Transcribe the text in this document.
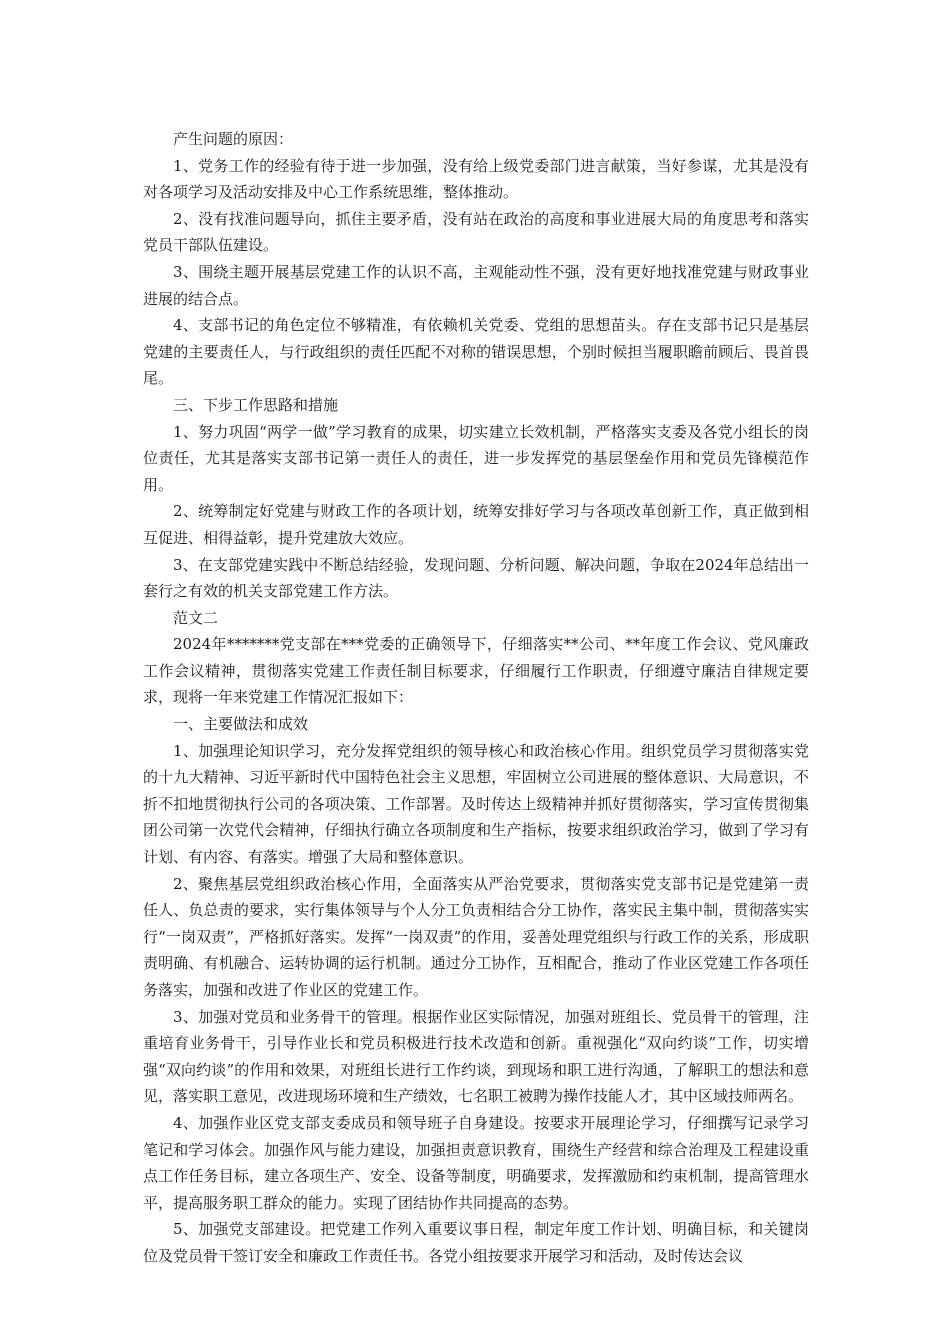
产生问题的原因：

1、党务工作的经验有待于进一步加强，没有给上级党委部门进言献策，当好参谋，尤其是没有对各项学习及活动安排及中心工作系统思维，整体推动。

2、没有找准问题导向，抓住主要矛盾，没有站在政治的高度和事业进展大局的角度思考和落实党员干部队伍建设。

3、围绕主题开展基层党建工作的认识不高，主观能动性不强，没有更好地找准党建与财政事业进展的结合点。

4、支部书记的角色定位不够精准，有依赖机关党委、党组的思想苗头。存在支部书记只是基层党建的主要责任人，与行政组织的责任匹配不对称的错误思想，个别时候担当履职瞻前顾后、畏首畏尾。

三、下步工作思路和措施

1、努力巩固“两学一做”学习教育的成果，切实建立长效机制，严格落实支委及各党小组长的岗位责任，尤其是落实支部书记第一责任人的责任，进一步发挥党的基层堡垒作用和党员先锋模范作用。

2、统筹制定好党建与财政工作的各项计划，统筹安排好学习与各项改革创新工作，真正做到相互促进、相得益彰，提升党建放大效应。

3、在支部党建实践中不断总结经验，发现问题、分析问题、解决问题，争取在2024年总结出一套行之有效的机关支部党建工作方法。

范文二

2024年*******党支部在***党委的正确领导下，仔细落实**公司、**年度工作会议、党风廉政工作会议精神，贯彻落实党建工作责任制目标要求，仔细履行工作职责，仔细遵守廉洁自律规定要求，现将一年来党建工作情况汇报如下：

一、主要做法和成效

1、加强理论知识学习，充分发挥党组织的领导核心和政治核心作用。组织党员学习贯彻落实党的十九大精神、习近平新时代中国特色社会主义思想，牢固树立公司进展的整体意识、大局意识，不折不扣地贯彻执行公司的各项决策、工作部署。及时传达上级精神并抓好贯彻落实，学习宣传贯彻集团公司第一次党代会精神，仔细执行确立各项制度和生产指标，按要求组织政治学习，做到了学习有计划、有内容、有落实。增强了大局和整体意识。

2、聚焦基层党组织政治核心作用，全面落实从严治党要求，贯彻落实党支部书记是党建第一责任人、负总责的要求，实行集体领导与个人分工负责相结合分工协作，落实民主集中制，贯彻落实实行“一岗双责”，严格抓好落实。发挥“一岗双责”的作用，妥善处理党组织与行政工作的关系，形成职责明确、有机融合、运转协调的运行机制。通过分工协作，互相配合，推动了作业区党建工作各项任务落实，加强和改进了作业区的党建工作。

3、加强对党员和业务骨干的管理。根据作业区实际情况，加强对班组长、党员骨干的管理，注重培育业务骨干，引导作业长和党员积极进行技术改造和创新。重视强化“双向约谈”工作，切实增强“双向约谈”的作用和效果，对班组长进行工作约谈，到现场和职工进行沟通，了解职工的想法和意见，落实职工意见，改进现场环境和生产绩效，七名职工被聘为操作技能人才，其中区域技师两名。

4、加强作业区党支部支委成员和领导班子自身建设。按要求开展理论学习，仔细撰写记录学习笔记和学习体会。加强作风与能力建设，加强担责意识教育，围绕生产经营和综合治理及工程建设重点工作任务目标，建立各项生产、安全、设备等制度，明确要求，发挥激励和约束机制，提高管理水平，提高服务职工群众的能力。实现了团结协作共同提高的态势。

5、加强党支部建设。把党建工作列入重要议事日程，制定年度工作计划、明确目标，和关键岗位及党员骨干签订安全和廉政工作责任书。各党小组按要求开展学习和活动，及时传达会议
